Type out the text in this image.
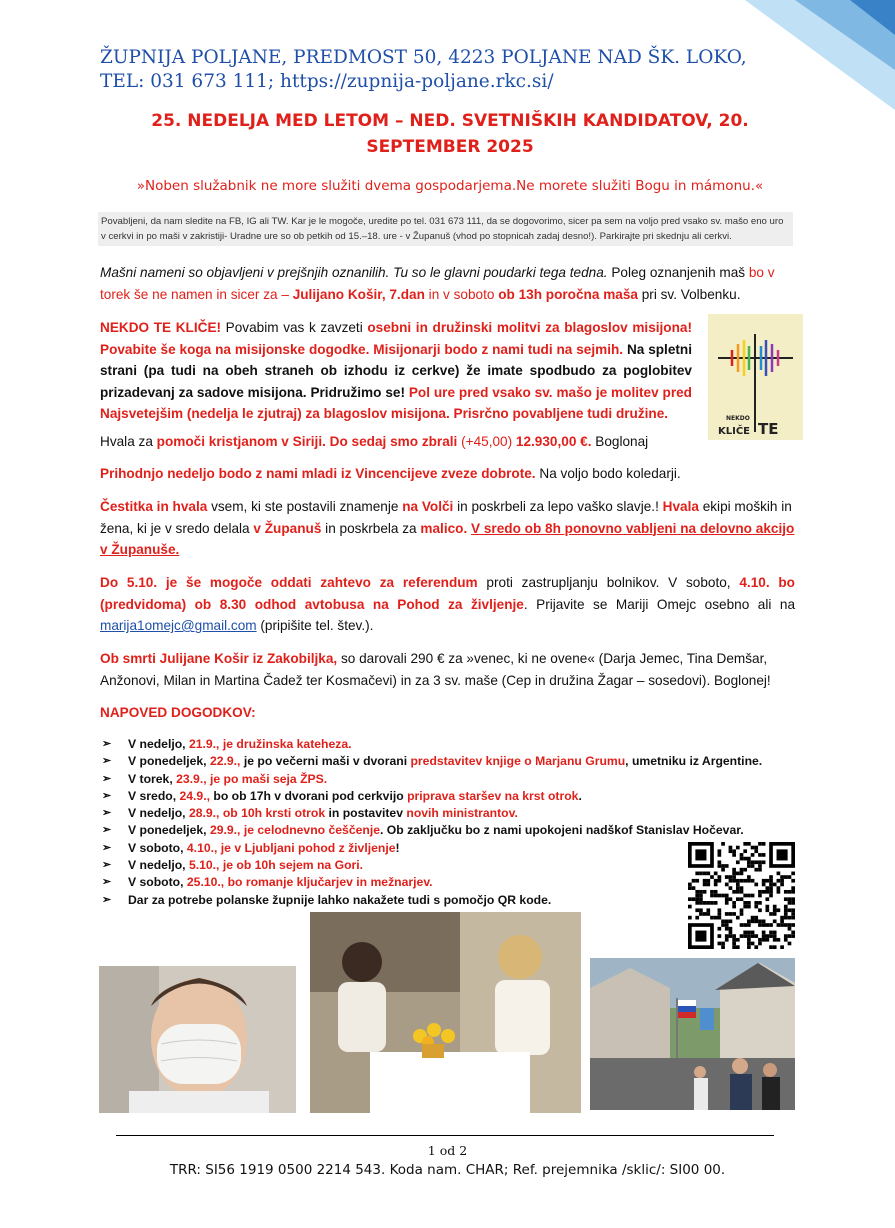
ŽUPNIJA POLJANE, PREDMOST 50, 4223 POLJANE NAD ŠK. LOKO,
TEL: 031 673 111; https://zupnija-poljane.rkc.si/
25. NEDELJA MED LETOM – NED. SVETNIŠKIH KANDIDATOV, 20.
SEPTEMBER 2025
»Noben služabnik ne more služiti dvema gospodarjema.Ne morete služiti Bogu in mámonu.«
Povabljeni, da nam sledite na FB, IG ali TW. Kar je le mogoče, uredite po tel. 031 673 111, da se dogovorimo, sicer pa sem na volјo pred vsako sv. mašo eno uro v cerkvi in po maši v zakristiji- Uradne ure so ob petkih od 15.–18. ure - v Županuš (vhod po stopnicah zadaj desno!). Parkirajte pri skednju ali cerkvi.
Mašni nameni so objavljeni v prejšnjih oznanilih. Tu so le glavni poudarki tega tedna. Poleg oznanjenih maš bo v torek še ne namen in sicer za – Julijano Košir, 7.dan in v soboto ob 13h poročna maša pri sv. Volbenku.
NEKDO TE KLIČE! Povabim vas k zavzeti osebni in družinski molitvi za blagoslov misijona! Povabite še koga na misijonske dogodke. Misijonarji bodo z nami tudi na sejmih. Na spletni strani (pa tudi na obeh straneh ob izhodu iz cerkve) že imate spodbudo za poglobitev prizadevanj za sadove misijona. Pridružimo se! Pol ure pred vsako sv. mašo je molitev pred Najsvetejšim (nedelja le zjutraj) za blagoslov misijona. Prisrčno povabljene tudi družine.	NEKDO
KLIČE TE
Hvala za pomoči kristjanom v Siriji. Do sedaj smo zbrali (+45,00) 12.930,00 €. Boglonaj
Prihodnjo nedeljo bodo z nami mladi iz Vincencijeve zveze dobrote. Na volјo bodo koledarji.
Čestitka in hvala vsem, ki ste postavili znamenje na Volči in poskrbeli za lepo vaško slavje.! Hvala ekipi moških in žena, ki je v sredo delala v Županuš in poskrbela za malico. V sredo ob 8h ponovno vabljeni na delovno akcijo v Županuše.
Do 5.10. je še mogoče oddati zahtevo za referendum proti zastrupljanju bolnikov. V soboto, 4.10. bo (predvidoma) ob 8.30 odhod avtobusa na Pohod za življenje. Prijavite se Mariji Omejc osebno ali na marija1omejc@gmail.com (pripišite tel. štev.).
Ob smrti Julijane Košir iz Zakobiljka, so darovali 290 € za »venec, ki ne ovene« (Darja Jemec, Tina Demšar, Anžonovi, Milan in Martina Čadež ter Kosmačevi) in za 3 sv. maše (Cep in družina Žagar – sosedovi). Boglonej!
NAPOVED DOGODKOV:
➢ V nedeljo, 21.9., je družinska kateheza.
➢ V ponedeljek, 22.9., je po večerni maši v dvorani predstavitev knjige o Marjanu Grumu, umetniku iz Argentine.
➢ V torek, 23.9., je po maši seja ŽPS.
➢ V sredo, 24.9., bo ob 17h v dvorani pod cerkvijo priprava staršev na krst otrok.
➢ V nedeljo, 28.9., ob 10h krsti otrok in postavitev novih ministrantov.
➢ V ponedeljek, 29.9., je celodnevno češčenje. Ob zaključku bo z nami upokojeni nadškof Stanislav Hočevar.
➢ V soboto, 4.10., je v Ljubljani pohod z življenje!
➢ V nedeljo, 5.10., je ob 10h sejem na Gori.
➢ V soboto, 25.10., bo romanje ključarjev in mežnarjev.
➢ Dar za potrebe polanske župnije lahko nakažete tudi s pomočjo QR kode.
1 od 2
TRR: SI56 1919 0500 2214 543. Koda nam. CHAR; Ref. prejemnika /sklic/: SI00 00.
